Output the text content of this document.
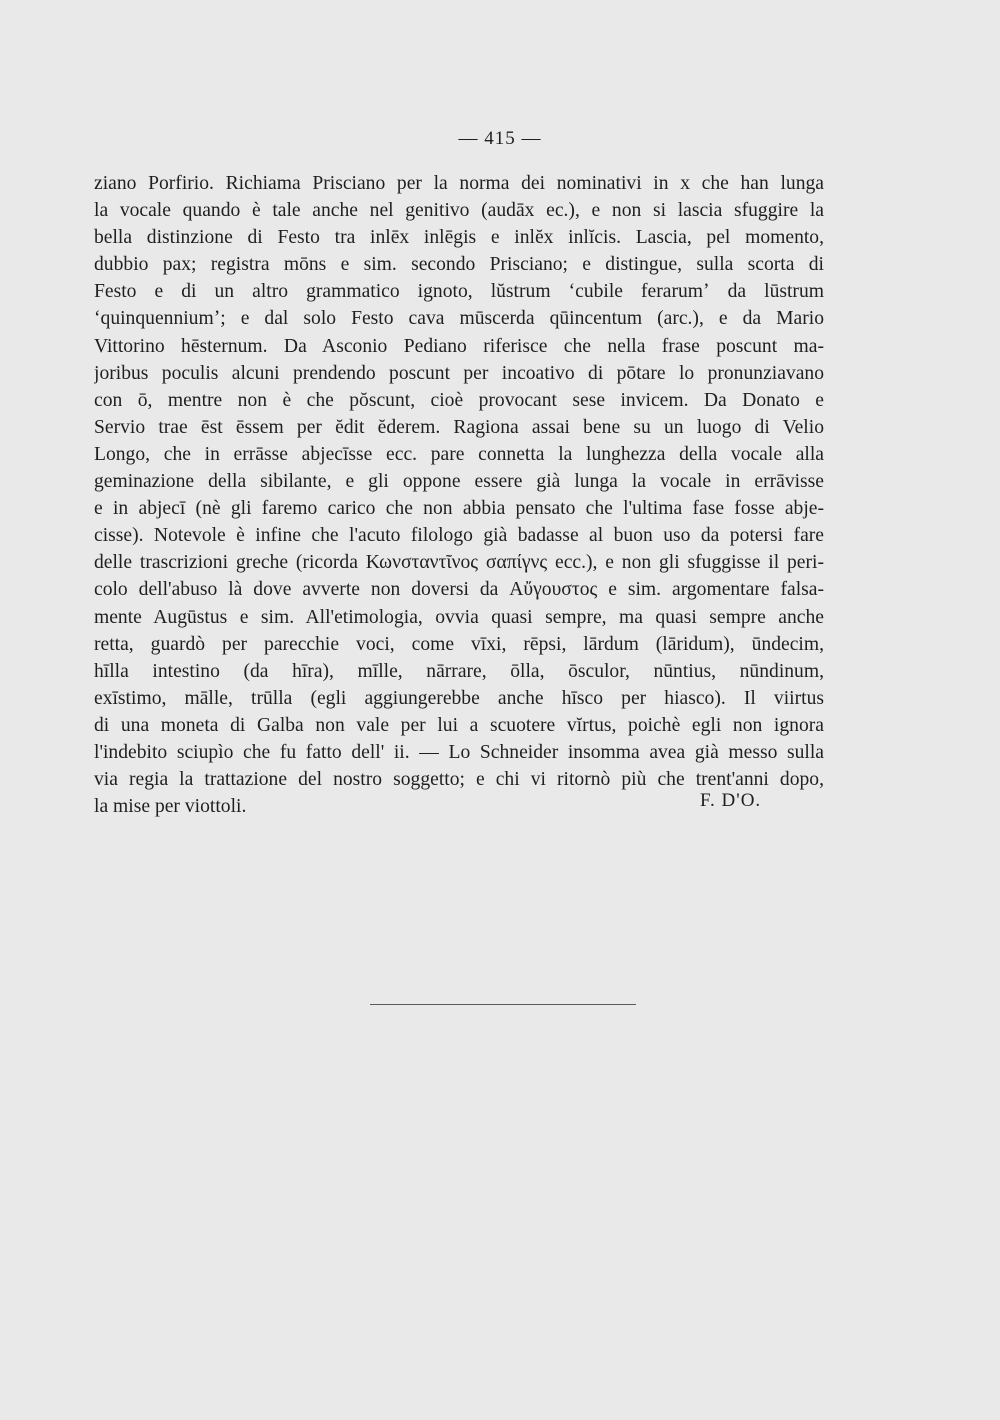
— 415 —
ziano Porfirio. Richiama Prisciano per la norma dei nominativi in x che han lunga
la vocale quando è tale anche nel genitivo (audāx ec.), e non si lascia sfuggire la
bella distinzione di Festo tra inlēx inlēgis e inlĕx inlĭcis. Lascia, pel momento,
dubbio pax; registra mōns e sim. secondo Prisciano; e distingue, sulla scorta di
Festo e di un altro grammatico ignoto, lŭstrum ʻcubile ferarumʼ da lūstrum
ʻquinquenniumʼ; e dal solo Festo cava mūscerda qūincentum (arc.), e da Mario
Vittorino hēsternum. Da Asconio Pediano riferisce che nella frase poscunt ma-
joribus poculis alcuni prendendo poscunt per incoativo di pōtare lo pronunziavano
con ō, mentre non è che pŏscunt, cioè provocant sese invicem. Da Donato e
Servio trae ēst ēssem per ĕdit ĕderem. Ragiona assai bene su un luogo di Velio
Longo, che in errāsse abjecīsse ecc. pare connetta la lunghezza della vocale alla
geminazione della sibilante, e gli oppone essere già lunga la vocale in errāvisse
e in abjecī (nè gli faremo carico che non abbia pensato che l'ultima fase fosse abje-
cisse). Notevole è infine che l'acuto filologo già badasse al buon uso da potersi fare
delle trascrizioni greche (ricorda Κωνσταντῖνος σαπίγνς ecc.), e non gli sfuggisse il peri-
colo dell'abuso là dove avverte non doversi da Αὔγουστος e sim. argomentare falsa-
mente Augūstus e sim. All'etimologia, ovvia quasi sempre, ma quasi sempre anche
retta, guardò per parecchie voci, come vīxi, rēpsi, lārdum (lāridum), ūndecim,
hīlla intestino (da hīra), mīlle, nārrare, ōlla, ōsculor, nūntius, nūndinum,
exīstimo, māllе, trūlla (egli aggiungerebbe anche hīsco per hiasco). Il viirtus
di una moneta di Galba non vale per lui a scuotere vĭrtus, poichè egli non ignora
l'indebito sciupìo che fu fatto dell' ii. — Lo Schneider insomma avea già messo sulla
via regia la trattazione del nostro soggetto; e chi vi ritornò più che trent'anni dopo,
la mise per viottoli.	F. D'O.
